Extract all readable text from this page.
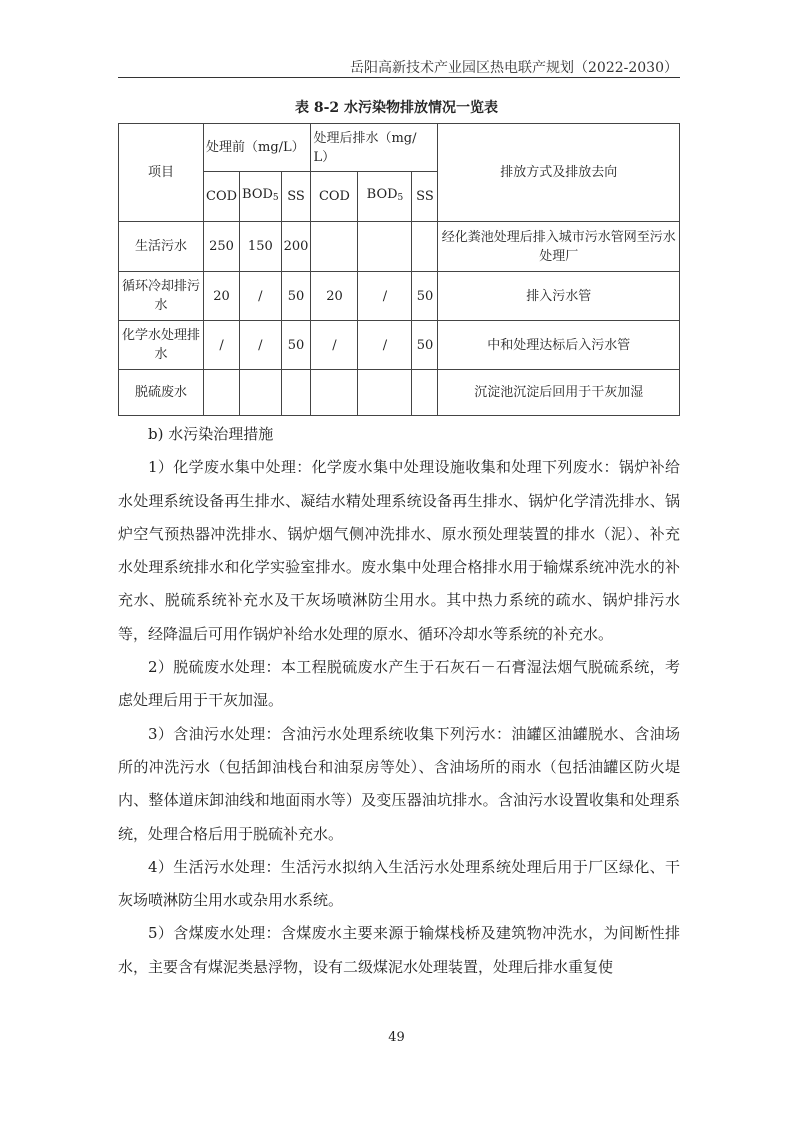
岳阳高新技术产业园区热电联产规划（2022-2030）
表 8-2 水污染物排放情况一览表
项目	处理前（mg/L）			处理后排水（mg/ L）			排放方式及排放去向
	COD	$BOD_5$	SS	COD	$BOD_5$	SS	
生活污水	250	150	200				经化粪池处理后排入城市污水管网至污水处理厂
循环冷却排污水	20	/	50	20	/	50	排入污水管
化学水处理排水	/	/	50	/	/	50	中和处理达标后入污水管
脱硫废水							沉淀池沉淀后回用于干灰加湿

b) 水污染治理措施

1）化学废水集中处理：化学废水集中处理设施收集和处理下列废水：锅炉补给水处理系统设备再生排水、凝结水精处理系统设备再生排水、锅炉化学清洗排水、锅炉空气预热器冲洗排水、锅炉烟气侧冲洗排水、原水预处理装置的排水（泥）、补充水处理系统排水和化学实验室排水。废水集中处理合格排水用于输煤系统冲洗水的补充水、脱硫系统补充水及干灰场喷淋防尘用水。其中热力系统的疏水、锅炉排污水等，经降温后可用作锅炉补给水处理的原水、循环冷却水等系统的补充水。

2）脱硫废水处理：本工程脱硫废水产生于石灰石－石膏湿法烟气脱硫系统，考虑处理后用于干灰加湿。

3）含油污水处理：含油污水处理系统收集下列污水：油罐区油罐脱水、含油场所的冲洗污水（包括卸油栈台和油泵房等处）、含油场所的雨水（包括油罐区防火堤内、整体道床卸油线和地面雨水等）及变压器油坑排水。含油污水设置收集和处理系统，处理合格后用于脱硫补充水。

4）生活污水处理：生活污水拟纳入生活污水处理系统处理后用于厂区绿化、干灰场喷淋防尘用水或杂用水系统。

5）含煤废水处理：含煤废水主要来源于输煤栈桥及建筑物冲洗水，为间断性排水，主要含有煤泥类悬浮物，设有二级煤泥水处理装置，处理后排水重复使

49
